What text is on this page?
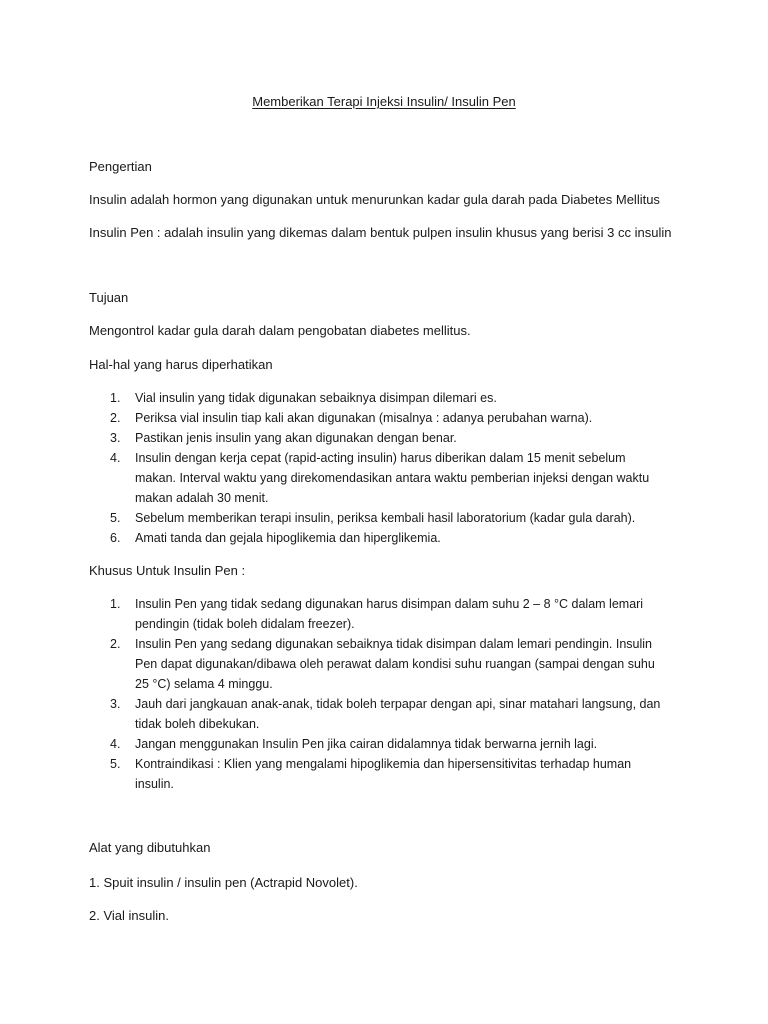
Memberikan Terapi Injeksi Insulin/ Insulin Pen
Pengertian
Insulin adalah hormon yang digunakan untuk menurunkan kadar gula darah pada Diabetes Mellitus
Insulin Pen : adalah insulin yang dikemas dalam bentuk pulpen insulin khusus yang berisi 3 cc insulin
Tujuan
Mengontrol kadar gula darah dalam pengobatan diabetes mellitus.
Hal-hal yang harus diperhatikan
1. Vial insulin yang tidak digunakan sebaiknya disimpan dilemari es.
2. Periksa vial insulin tiap kali akan digunakan (misalnya : adanya perubahan warna).
3. Pastikan jenis insulin yang akan digunakan dengan benar.
4. Insulin dengan kerja cepat (rapid-acting insulin) harus diberikan dalam 15 menit sebelum makan. Interval waktu yang direkomendasikan antara waktu pemberian injeksi dengan waktu makan adalah 30 menit.
5. Sebelum memberikan terapi insulin, periksa kembali hasil laboratorium (kadar gula darah).
6. Amati tanda dan gejala hipoglikemia dan hiperglikemia.
Khusus Untuk Insulin Pen :
1. Insulin Pen yang tidak sedang digunakan harus disimpan dalam suhu 2 – 8 °C dalam lemari pendingin (tidak boleh didalam freezer).
2. Insulin Pen yang sedang digunakan sebaiknya tidak disimpan dalam lemari pendingin. Insulin Pen dapat digunakan/dibawa oleh perawat dalam kondisi suhu ruangan (sampai dengan suhu 25 °C) selama 4 minggu.
3. Jauh dari jangkauan anak-anak, tidak boleh terpapar dengan api, sinar matahari langsung, dan tidak boleh dibekukan.
4. Jangan menggunakan Insulin Pen jika cairan didalamnya tidak berwarna jernih lagi.
5. Kontraindikasi : Klien yang mengalami hipoglikemia dan hipersensitivitas terhadap human insulin.
Alat yang dibutuhkan
1. Spuit insulin / insulin pen (Actrapid Novolet).
2. Vial insulin.
